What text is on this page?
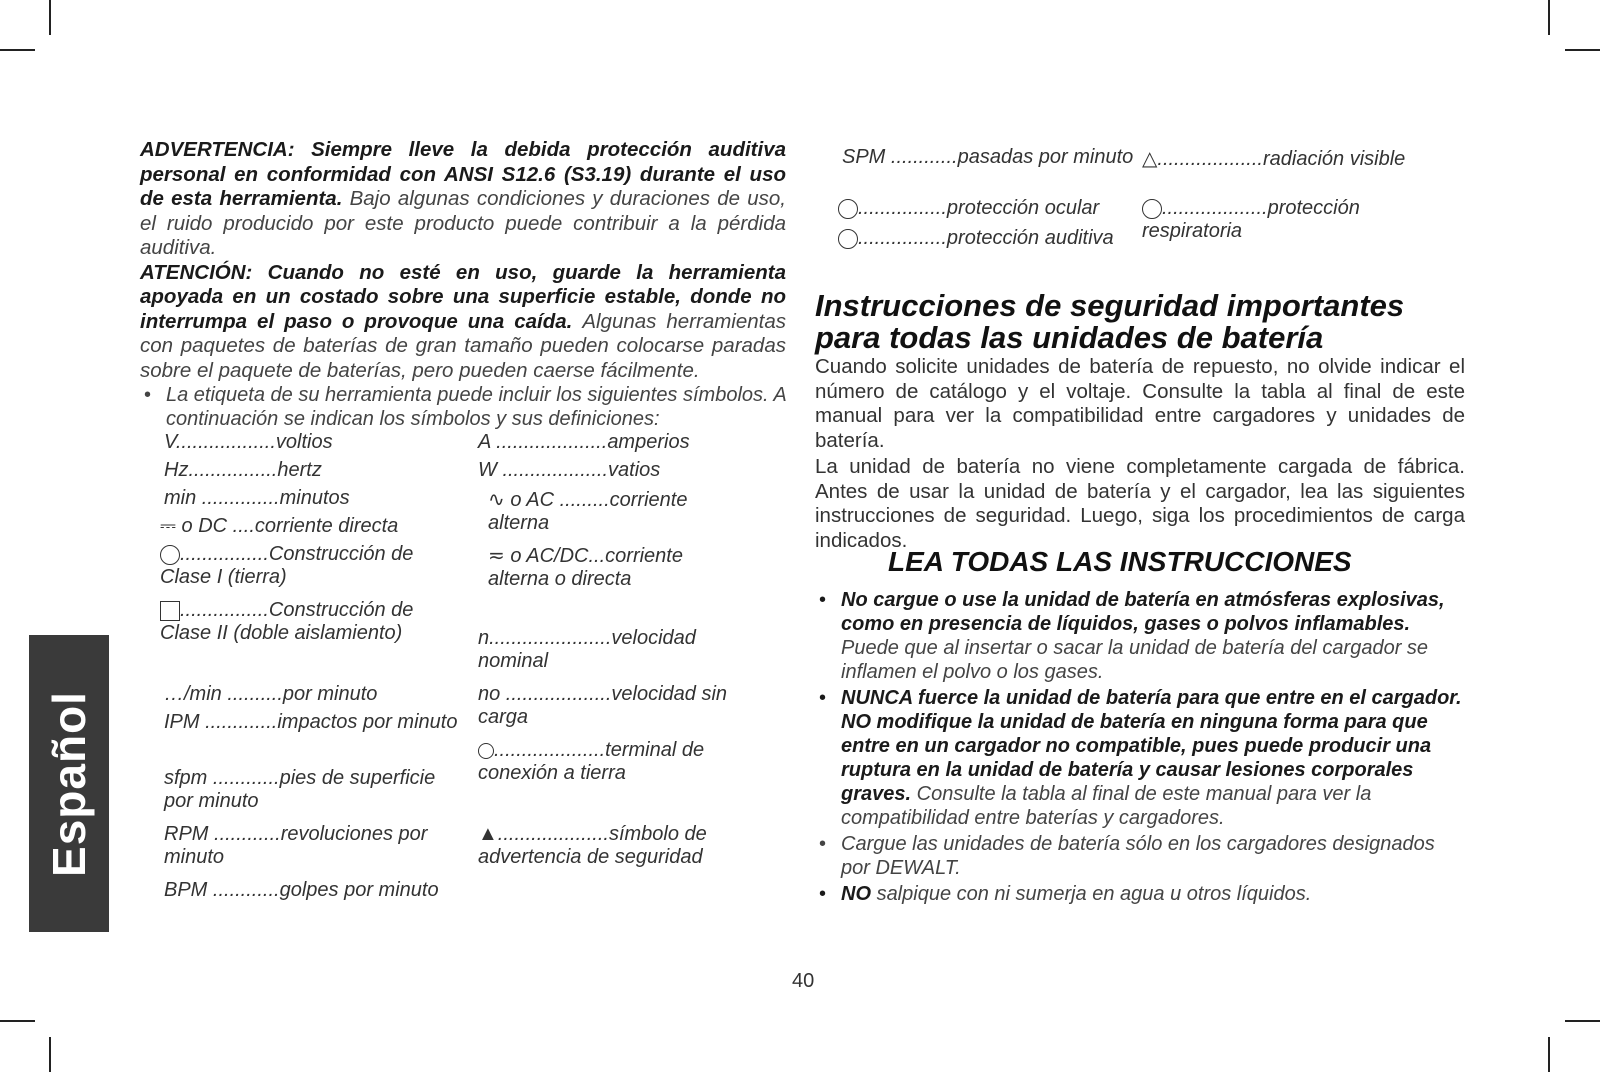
Español

ADVERTENCIA: Siempre lleve la debida protección auditiva personal en conformidad con ANSI S12.6 (S3.19) durante el uso de esta herramienta. Bajo algunas condiciones y duraciones de uso, el ruido producido por este producto puede contribuir a la pérdida auditiva.

ATENCIÓN: Cuando no esté en uso, guarde la herramienta apoyada en un costado sobre una superficie estable, donde no interrumpa el paso o provoque una caída. Algunas herramientas con paquetes de baterías de gran tamaño pueden colocarse paradas sobre el paquete de baterías, pero pueden caerse fácilmente.

• La etiqueta de su herramienta puede incluir los siguientes símbolos. A continuación se indican los símbolos y sus definiciones:
V..................voltios
Hz................hertz
min ..............minutos
⎓ o DC ....corriente directa
................Construcción de Clase I (tierra)
................Construcción de Clase II (doble aislamiento)
…/min ..........por minuto
IPM .............impactos por minuto
sfpm ............pies de superficie por minuto
RPM ............revoluciones por minuto
BPM ............golpes por minuto
A ....................amperios
W ...................vatios
∿ o AC .........corriente alterna
≂ o AC/DC...corriente alterna o directa
n......................velocidad nominal
no ...................velocidad sin carga
....................terminal de conexión a tierra
▲....................símbolo de advertencia de seguridad
SPM ............pasadas por minuto
................protección ocular
................protección auditiva
△...................radiación visible
...................protección respiratoria
Instrucciones de seguridad importantes para todas las unidades de batería

Cuando solicite unidades de batería de repuesto, no olvide indicar el número de catálogo y el voltaje. Consulte la tabla al final de este manual para ver la compatibilidad entre cargadores y unidades de batería.

La unidad de batería no viene completamente cargada de fábrica. Antes de usar la unidad de batería y el cargador, lea las siguientes instrucciones de seguridad. Luego, siga los procedimientos de carga indicados.

LEA TODAS LAS INSTRUCCIONES
• No cargue o use la unidad de batería en atmósferas explosivas, como en presencia de líquidos, gases o polvos inflamables. Puede que al insertar o sacar la unidad de batería del cargador se inflamen el polvo o los gases.
• NUNCA fuerce la unidad de batería para que entre en el cargador. NO modifique la unidad de batería en ninguna forma para que entre en un cargador no compatible, pues puede producir una ruptura en la unidad de batería y causar lesiones corporales graves. Consulte la tabla al final de este manual para ver la compatibilidad entre baterías y cargadores.
• Cargue las unidades de batería sólo en los cargadores designados por DEWALT.
• NO salpique con ni sumerja en agua u otros líquidos.
40
